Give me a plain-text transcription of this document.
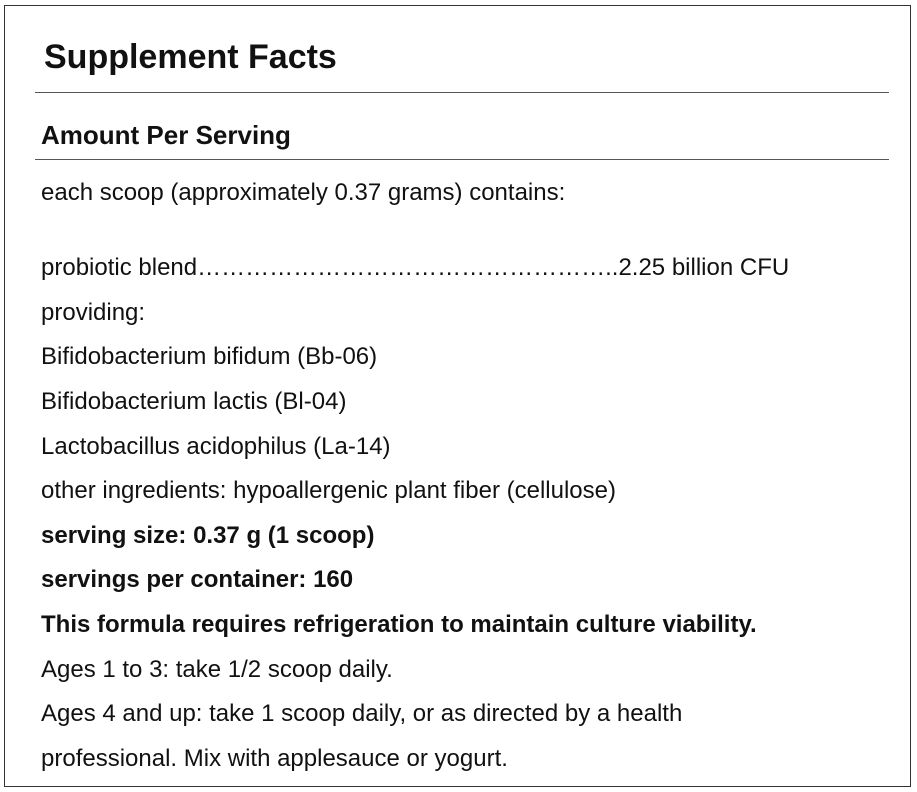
Supplement Facts
Amount Per Serving
each scoop (approximately 0.37 grams) contains:
probiotic blend……………………………………………..2.25 billion CFU
providing:
Bifidobacterium bifidum (Bb-06)
Bifidobacterium lactis (Bl-04)
Lactobacillus acidophilus (La-14)
other ingredients: hypoallergenic plant fiber (cellulose)
serving size: 0.37 g (1 scoop)
servings per container: 160
This formula requires refrigeration to maintain culture viability.
Ages 1 to 3: take 1/2 scoop daily.
Ages 4 and up: take 1 scoop daily, or as directed by a health
professional. Mix with applesauce or yogurt.
